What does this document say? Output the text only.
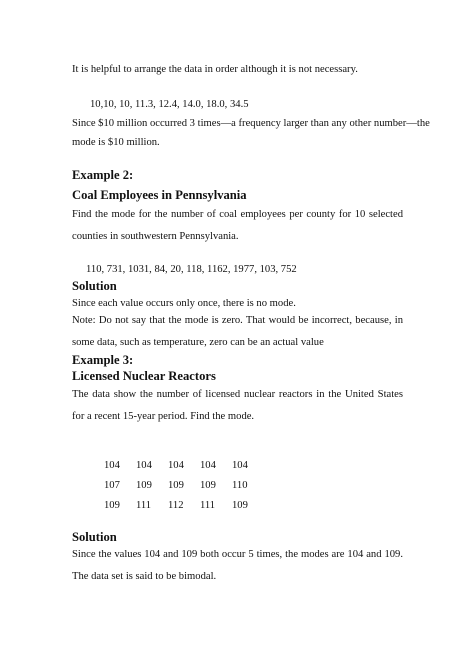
It is helpful to arrange the data in order although it is not necessary.
10,10, 10, 11.3, 12.4, 14.0, 18.0, 34.5
Since $10 million occurred 3 times—a frequency larger than any other number—the
mode is $10 million.
Example 2:
Coal Employees in Pennsylvania
Find the mode for the number of coal employees per county for 10 selected counties in southwestern Pennsylvania.
110, 731, 1031, 84, 20, 118, 1162, 1977, 103, 752
Solution
Since each value occurs only once, there is no mode.
Note: Do not say that the mode is zero. That would be incorrect, because, in some data, such as temperature, zero can be an actual value
Example 3:
Licensed Nuclear Reactors
The data show the number of licensed nuclear reactors in the United States for a recent 15-year period. Find the mode.
104	104	104	104	104
107	109	109	109	110
109	111	112	111	109
Solution
Since the values 104 and 109 both occur 5 times, the modes are 104 and 109. The data set is said to be bimodal.
